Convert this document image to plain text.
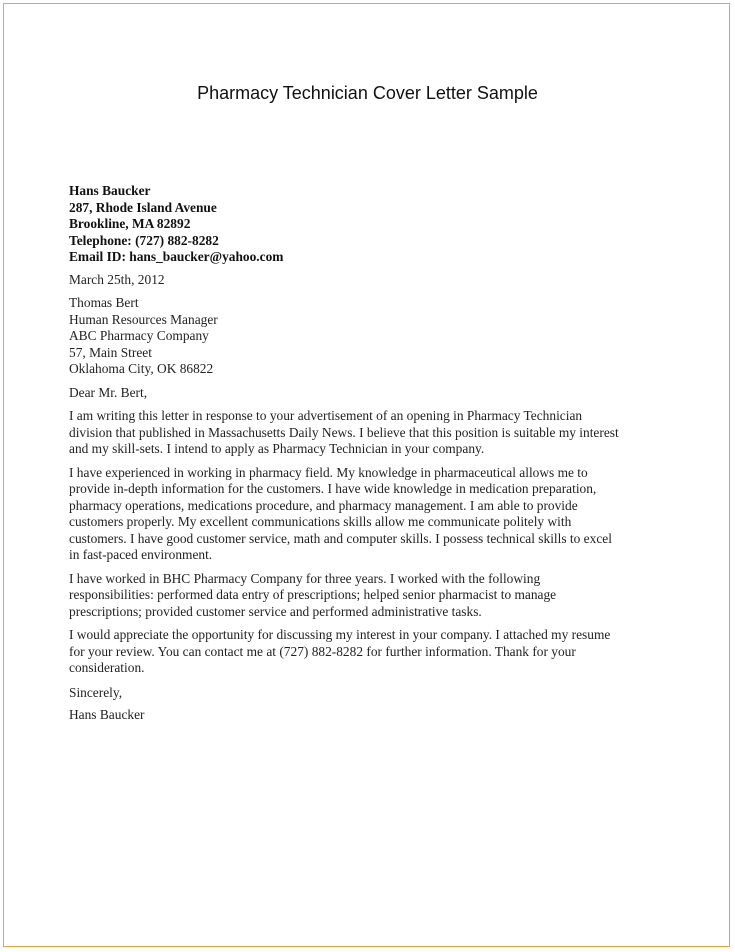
Pharmacy Technician Cover Letter Sample
Hans Baucker
287, Rhode Island Avenue
Brookline, MA 82892
Telephone: (727) 882-8282
Email ID: hans_baucker@yahoo.com
March 25th, 2012
Thomas Bert
Human Resources Manager
ABC Pharmacy Company
57, Main Street
Oklahoma City, OK 86822
Dear Mr. Bert,
I am writing this letter in response to your advertisement of an opening in Pharmacy Technician
division that published in Massachusetts Daily News. I believe that this position is suitable my interest
and my skill-sets. I intend to apply as Pharmacy Technician in your company.
I have experienced in working in pharmacy field. My knowledge in pharmaceutical allows me to
provide in-depth information for the customers. I have wide knowledge in medication preparation,
pharmacy operations, medications procedure, and pharmacy management. I am able to provide
customers properly. My excellent communications skills allow me communicate politely with
customers. I have good customer service, math and computer skills. I possess technical skills to excel
in fast-paced environment.
I have worked in BHC Pharmacy Company for three years. I worked with the following
responsibilities: performed data entry of prescriptions; helped senior pharmacist to manage
prescriptions; provided customer service and performed administrative tasks.
I would appreciate the opportunity for discussing my interest in your company. I attached my resume
for your review. You can contact me at (727) 882-8282 for further information. Thank for your
consideration.
Sincerely,
Hans Baucker
